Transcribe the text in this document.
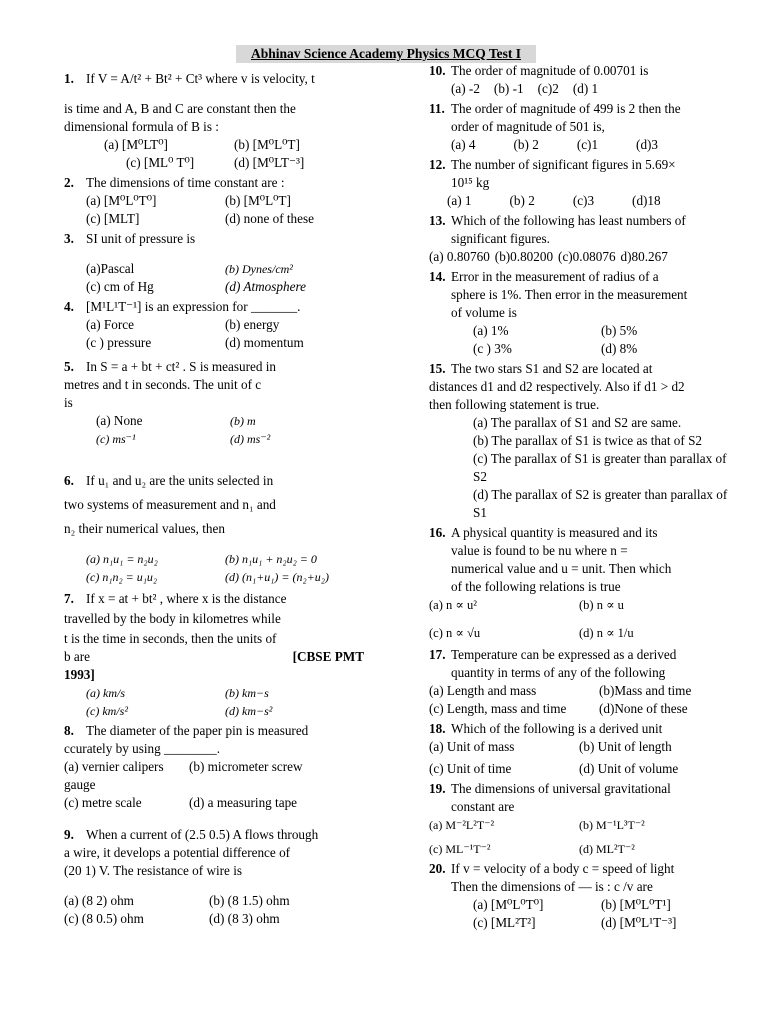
Abhinav Science Academy Physics MCQ Test I
1. If V = A/t² + Bt² + Ct³ where v is velocity, t
is time and A, B and C are constant then the
dimensional formula of B is :
(a) [M⁰LT⁰]	(b) [M⁰L⁰T]
(c) [ML⁰ T⁰]	(d) [M⁰LT⁻³]
2. The dimensions of time constant are :
(a) [M⁰L⁰T⁰]	(b) [M⁰L⁰T]
(c) [MLT]	(d) none of these
3. SI unit of pressure is
(a)Pascal	(b) Dynes/cm²
(c) cm of Hg	(d) Atmosphere
4. [M¹L¹T⁻¹] is an expression for _______.
(a) Force	(b) energy
(c ) pressure	(d) momentum
5. In S = a + bt + ct² . S is measured in
metres and t in seconds. The unit of c
is
(a) None	(b) m
(c) ms⁻¹	(d) ms⁻²
6. If u₁ and u₂ are the units selected in
two systems of measurement and n₁ and
n₂ their numerical values, then
(a) n₁u₁ = n₂u₂	(b) n₁u₁ + n₂u₂ = 0
(c) n₁n₂ = u₁u₂	(d) (n₁+u₁) = (n₂+u₂)
7. If x = at + bt² , where x is the distance
travelled by the body in kilometres while
t is the time in seconds, then the units of
b are	[CBSE PMT
1993]
(a) km/s	(b) km−s
(c) km/s²	(d) km−s²
8. The diameter of the paper pin is measured
ccurately by using ________.
(a) vernier calipers	(b) micrometer screw
gauge
(c) metre scale	(d) a measuring tape
9. When a current of (2.5 0.5) A flows through
a wire, it develops a potential difference of
(20 1) V. The resistance of wire is
(a) (8 2) ohm	(b) (8 1.5) ohm
(c) (8 0.5) ohm	(d) (8 3) ohm
10. The order of magnitude of 0.00701 is
(a) -2 (b) -1 (c)2 (d) 1
11. The order of magnitude of 499 is 2 then the
order of magnitude of 501 is,
(a) 4	(b) 2	(c)1	(d)3
12. The number of significant figures in 5.69×
10¹⁵ kg
(a) 1	(b) 2	(c)3	(d)18
13. Which of the following has least numbers of
significant figures.
(a) 0.80760 (b)0.80200 (c)0.08076 d)80.267
14. Error in the measurement of radius of a
sphere is 1%. Then error in the measurement
of volume is
(a) 1%	(b) 5%
(c ) 3%	(d) 8%
15. The two stars S1 and S2 are located at
distances d1 and d2 respectively. Also if d1 > d2
then following statement is true.
(a) The parallax of S1 and S2 are same.
(b) The parallax of S1 is twice as that of S2
(c) The parallax of S1 is greater than parallax of S2
(d) The parallax of S2 is greater than parallax of S1
16. A physical quantity is measured and its
value is found to be nu where n =
numerical value and u = unit. Then which
of the following relations is true
(a) n ∝ u²	(b) n ∝ u
(c) n ∝ √u	(d) n ∝ 1/u
17. Temperature can be expressed as a derived
quantity in terms of any of the following
(a) Length and mass	(b)Mass and time
(c) Length, mass and time	(d)None of these
18. Which of the following is a derived unit
(a) Unit of mass	(b) Unit of length
(c) Unit of time	(d) Unit of volume
19. The dimensions of universal gravitational
constant are
(a) M⁻²L²T⁻²	(b) M⁻¹L³T⁻²
(c) ML⁻¹T⁻²	(d) ML²T⁻²
20. If v = velocity of a body c = speed of light
Then the dimensions of — is : c /v are
(a) [M⁰L⁰T⁰]	(b) [M⁰L⁰T¹]
(c) [ML²T²]	(d) [M⁰L¹T⁻³]
